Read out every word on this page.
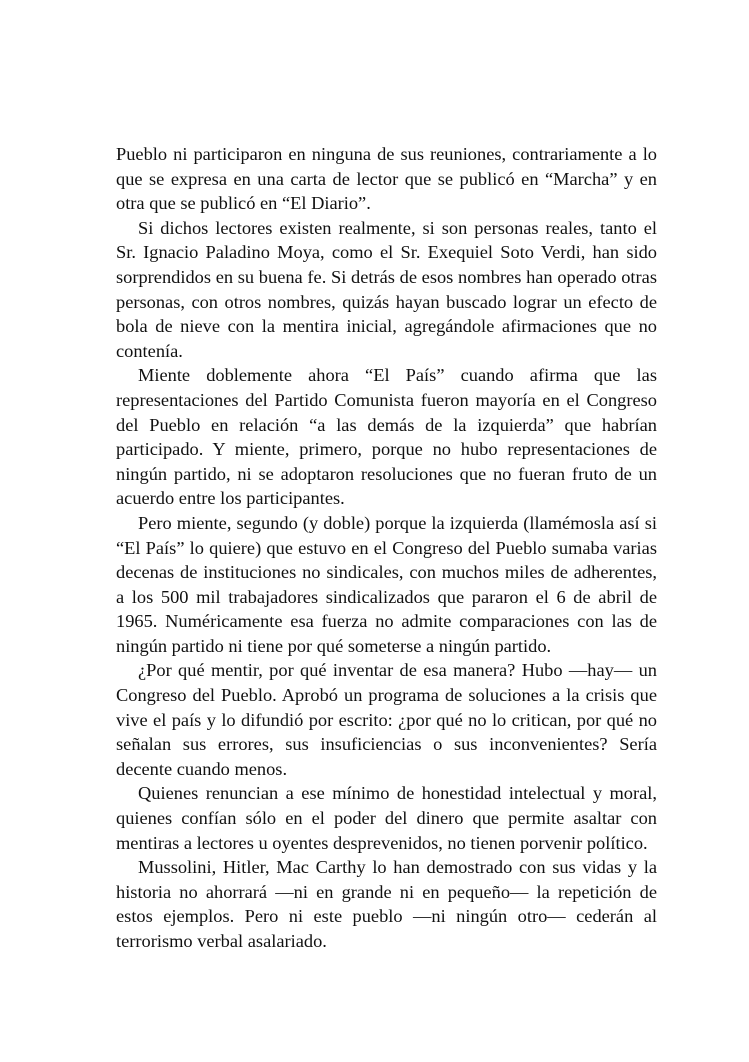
Pueblo ni participaron en ninguna de sus reuniones, contrariamente a lo que se expresa en una carta de lector que se publicó en “Marcha” y en otra que se publicó en “El Diario”.

Si dichos lectores existen realmente, si son personas reales, tanto el Sr. Ignacio Paladino Moya, como el Sr. Exequiel Soto Verdi, han sido sorprendidos en su buena fe. Si detrás de esos nombres han operado otras personas, con otros nombres, quizás hayan buscado lograr un efecto de bola de nieve con la mentira inicial, agregándole afirmaciones que no contenía.

Miente doblemente ahora “El País” cuando afirma que las representaciones del Partido Comunista fueron mayoría en el Congreso del Pueblo en relación “a las demás de la izquierda” que habrían participado. Y miente, primero, porque no hubo representaciones de ningún partido, ni se adoptaron resoluciones que no fueran fruto de un acuerdo entre los participantes.

Pero miente, segundo (y doble) porque la izquierda (llamémosla así si “El País” lo quiere) que estuvo en el Congreso del Pueblo sumaba varias decenas de instituciones no sindicales, con muchos miles de adherentes, a los 500 mil trabajadores sindicalizados que pararon el 6 de abril de 1965. Numéricamente esa fuerza no admite comparaciones con las de ningún partido ni tiene por qué someterse a ningún partido.

¿Por qué mentir, por qué inventar de esa manera? Hubo —hay— un Congreso del Pueblo. Aprobó un programa de soluciones a la crisis que vive el país y lo difundió por escrito: ¿por qué no lo critican, por qué no señalan sus errores, sus insuficiencias o sus inconvenientes? Sería decente cuando menos.

Quienes renuncian a ese mínimo de honestidad intelectual y moral, quienes confían sólo en el poder del dinero que permite asaltar con mentiras a lectores u oyentes desprevenidos, no tienen porvenir político.

Mussolini, Hitler, Mac Carthy lo han demostrado con sus vidas y la historia no ahorrará —ni en grande ni en pequeño— la repetición de estos ejemplos. Pero ni este pueblo —ni ningún otro— cederán al terrorismo verbal asalariado.
